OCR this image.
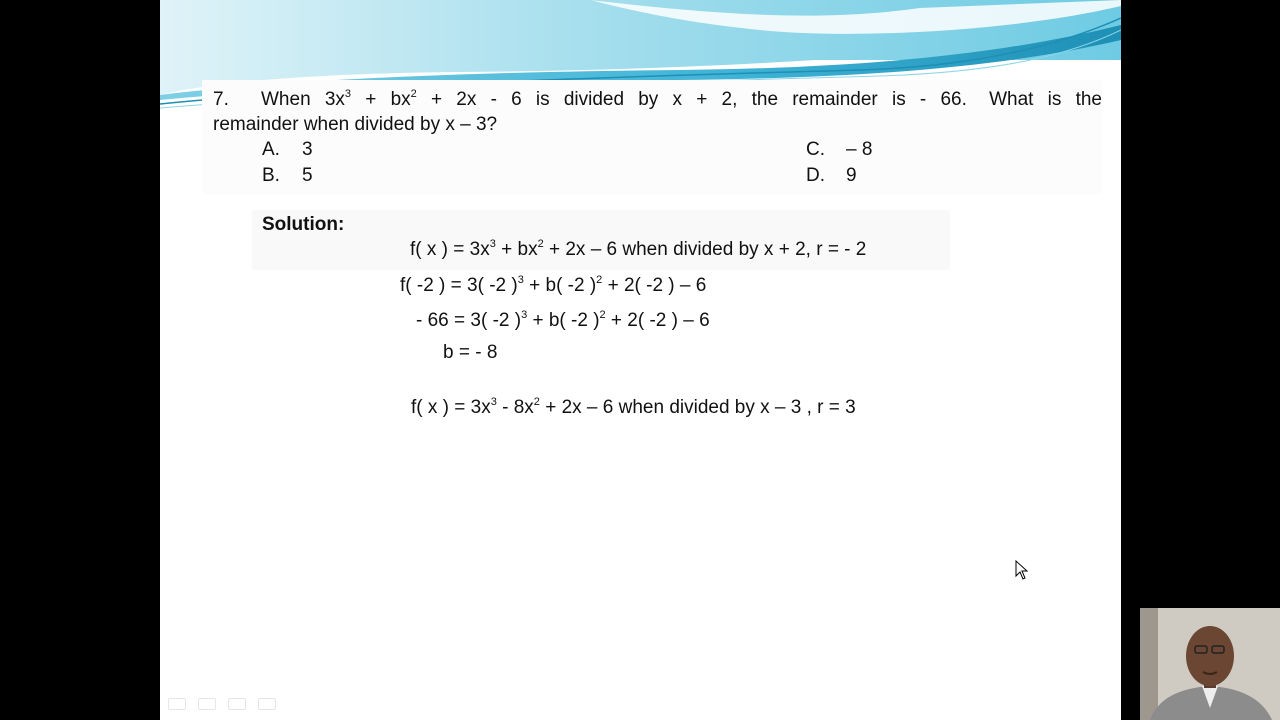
7. When $3x^3 + bx^2 + 2x - 6$ is divided by x + 2, the remainder is - 66. What is the
remainder when divided by x – 3?
A. 3
B. 5
C. – 8
D. 9
Solution:
f( x ) = $3x^3 + bx^2 + 2x - 6$ when divided by x + 2, r = - 2
f( -2 ) = 3( -2 )$^3$ + b( -2 )$^2$ + 2( -2 ) – 6
- 66 = 3( -2 )$^3$ + b( -2 )$^2$ + 2( -2 ) – 6
b = - 8
f( x ) = $3x^3 - 8x^2 + 2x - 6$ when divided by x – 3 , r = 3
